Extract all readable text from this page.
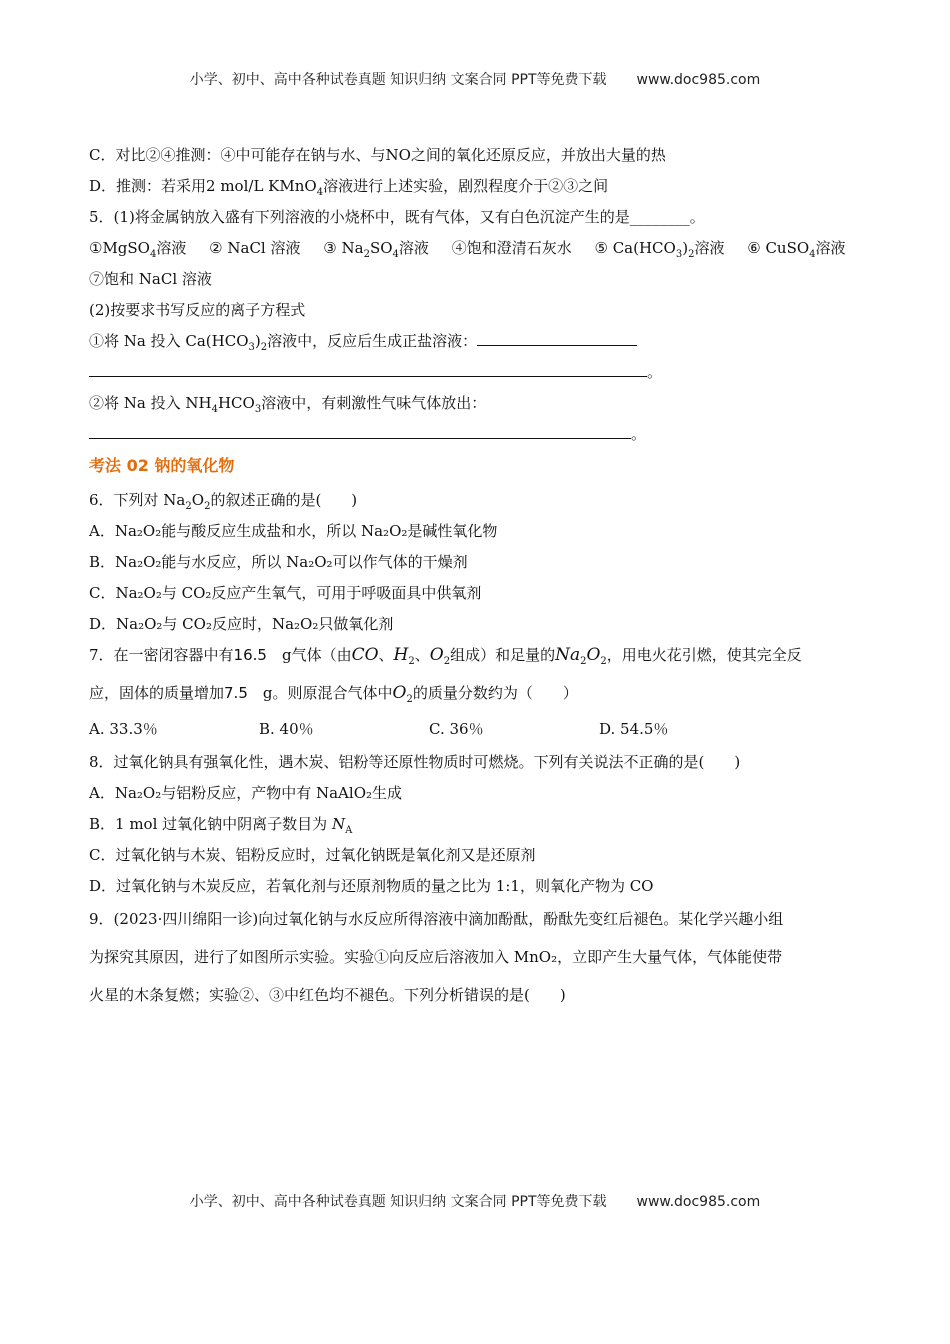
小学、初中、高中各种试卷真题 知识归纳 文案合同 PPT等免费下载 www.doc985.com
C．对比②④推测：④中可能存在钠与水、与NO之间的氧化还原反应，并放出大量的热
D．推测：若采用2 mol/L KMnO$_4$溶液进行上述实验，剧烈程度介于②③之间
5．(1)将金属钠放入盛有下列溶液的小烧杯中，既有气体，又有白色沉淀产生的是________。
①MgSO$_4$溶液 ② NaCl 溶液 ③ $Na_2SO_4$溶液 ④饱和澄清石灰水 ⑤ $Ca(HCO_3)_2$溶液 ⑥ CuSO$_4$溶液
⑦饱和 NaCl 溶液
(2)按要求书写反应的离子方程式
①将 Na 投入 $Ca(HCO_3)_2$溶液中，反应后生成正盐溶液：
。
②将 Na 投入 $NH_4HCO_3$溶液中，有刺激性气味气体放出：
。
考法 02 钠的氧化物
6．下列对 $Na_2O_2$的叙述正确的是(　　)
A．Na₂O₂能与酸反应生成盐和水，所以 Na₂O₂是碱性氧化物
B．Na₂O₂能与水反应，所以 Na₂O₂可以作气体的干燥剂
C．Na₂O₂与 CO₂反应产生氧气，可用于呼吸面具中供氧剂
D．Na₂O₂与 CO₂反应时，Na₂O₂只做氧化剂
7．在一密闭容器中有16.5　 g气体（由CO、$H_2$、$O_2$组成）和足量的$Na_2O_2$，用电火花引燃，使其完全反
应，固体的质量增加7.5　 g。则原混合气体中$O_2$的质量分数约为（　　）
A. 33.3％	B. 40％	C. 36％	D. 54.5％
8．过氧化钠具有强氧化性，遇木炭、铝粉等还原性物质时可燃烧。下列有关说法不正确的是(　　)
A．Na₂O₂与铝粉反应，产物中有 NaAlO₂生成
B．1 mol 过氧化钠中阴离子数目为 $N_A$
C．过氧化钠与木炭、铝粉反应时，过氧化钠既是氧化剂又是还原剂
D．过氧化钠与木炭反应，若氧化剂与还原剂物质的量之比为 1:1，则氧化产物为 CO
9．(2023·四川绵阳一诊)向过氧化钠与水反应所得溶液中滴加酚酞，酚酞先变红后褪色。某化学兴趣小组
为探究其原因，进行了如图所示实验。实验①向反应后溶液加入 MnO₂，立即产生大量气体，气体能使带
火星的木条复燃；实验②、③中红色均不褪色。下列分析错误的是(　　)
小学、初中、高中各种试卷真题 知识归纳 文案合同 PPT等免费下载 www.doc985.com
